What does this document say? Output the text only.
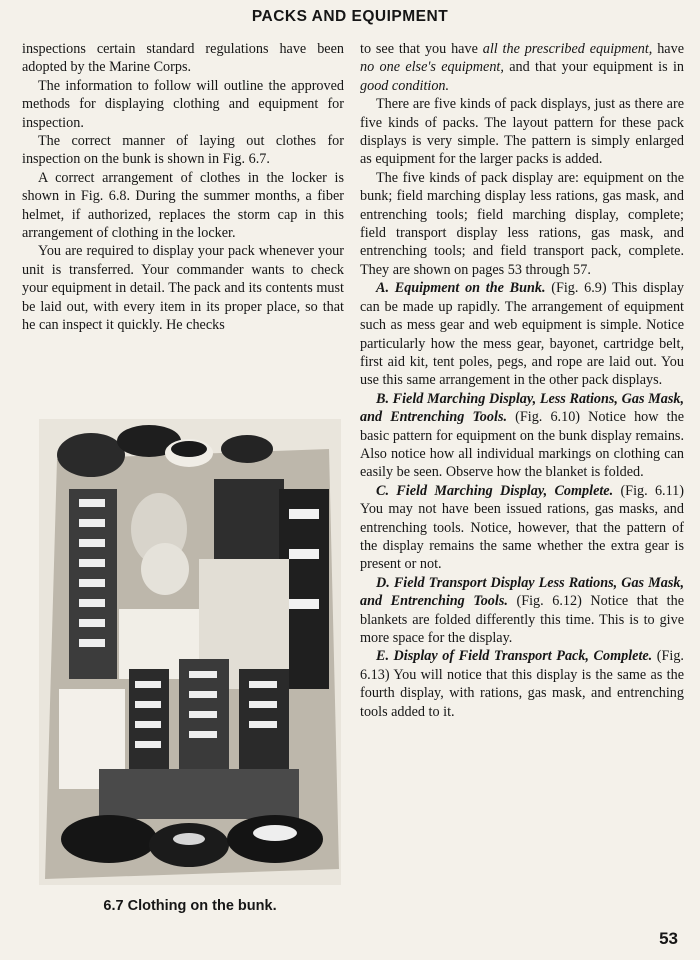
PACKS AND EQUIPMENT

inspections certain standard regulations have been adopted by the Marine Corps.

The information to follow will outline the approved methods for displaying clothing and equipment for inspection.

The correct manner of laying out clothes for inspection on the bunk is shown in Fig. 6.7.

A correct arrangement of clothes in the locker is shown in Fig. 6.8. During the summer months, a fiber helmet, if authorized, replaces the storm cap in this arrangement of clothing in the locker.

You are required to display your pack whenever your unit is transferred. Your commander wants to check your equipment in detail. The pack and its contents must be laid out, with every item in its proper place, so that he can inspect it quickly. He checks

6.7 Clothing on the bunk.

to see that you have all the prescribed equipment, have no one else's equipment, and that your equipment is in good condition.

There are five kinds of pack displays, just as there are five kinds of packs. The layout pattern for these pack displays is very simple. The pattern is simply enlarged as equipment for the larger packs is added.

The five kinds of pack display are: equipment on the bunk; field marching display less rations, gas mask, and entrenching tools; field marching display, complete; field transport display less rations, gas mask, and entrenching tools; and field transport pack, complete. They are shown on pages 53 through 57.

A. Equipment on the Bunk. (Fig. 6.9) This display can be made up rapidly. The arrangement of equipment such as mess gear and web equipment is simple. Notice particularly how the mess gear, bayonet, cartridge belt, first aid kit, tent poles, pegs, and rope are laid out. You use this same arrangement in the other pack displays.

B. Field Marching Display, Less Rations, Gas Mask, and Entrenching Tools. (Fig. 6.10) Notice how the basic pattern for equipment on the bunk display remains. Also notice how all individual markings on clothing can easily be seen. Observe how the blanket is folded.

C. Field Marching Display, Complete. (Fig. 6.11) You may not have been issued rations, gas masks, and entrenching tools. Notice, however, that the pattern of the display remains the same whether the extra gear is present or not.

D. Field Transport Display Less Rations, Gas Mask, and Entrenching Tools. (Fig. 6.12) Notice that the blankets are folded differently this time. This is to give more space for the display.

E. Display of Field Transport Pack, Complete. (Fig. 6.13) You will notice that this display is the same as the fourth display, with rations, gas mask, and entrenching tools added to it.

53
